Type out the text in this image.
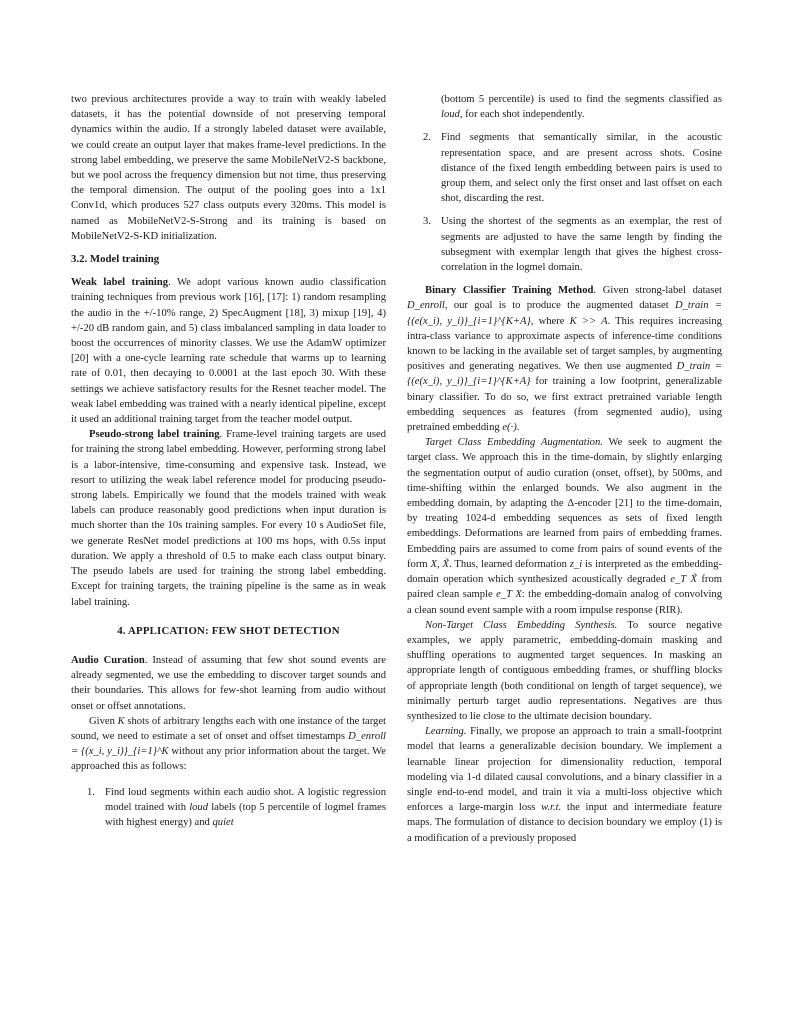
two previous architectures provide a way to train with weakly labeled datasets, it has the potential downside of not preserving temporal dynamics within the audio. If a strongly labeled dataset were available, we could create an output layer that makes frame-level predictions. In the strong label embedding, we preserve the same MobileNetV2-S backbone, but we pool across the frequency dimension but not time, thus preserving the temporal dimension. The output of the pooling goes into a 1x1 Conv1d, which produces 527 class outputs every 320ms. This model is named as MobileNetV2-S-Strong and its training is based on MobileNetV2-S-KD initialization.

3.2. Model training

Weak label training. We adopt various known audio classification training techniques from previous work [16], [17]: 1) random resampling the audio in the +/-10% range, 2) SpecAugment [18], 3) mixup [19], 4) +/-20 dB random gain, and 5) class imbalanced sampling in data loader to boost the occurrences of minority classes. We use the AdamW optimizer [20] with a one-cycle learning rate schedule that warms up to learning rate of 0.01, then decaying to 0.0001 at the last epoch 30. With these settings we achieve satisfactory results for the Resnet teacher model. The weak label embedding was trained with a nearly identical pipeline, except it used an additional training target from the teacher model output.

Pseudo-strong label training. Frame-level training targets are used for training the strong label embedding. However, performing strong label is a labor-intensive, time-consuming and expensive task. Instead, we resort to utilizing the weak label reference model for producing pseudo-strong labels. Empirically we found that the models trained with weak labels can produce reasonably good predictions when input duration is much shorter than the 10s training samples. For every 10 s AudioSet file, we generate ResNet model predictions at 100 ms hops, with 0.5s input duration. We apply a threshold of 0.5 to make each class output binary. The pseudo labels are used for training the strong label embedding. Except for training targets, the training pipeline is the same as in weak label training.

4. APPLICATION: FEW SHOT DETECTION

Audio Curation. Instead of assuming that few shot sound events are already segmented, we use the embedding to discover target sounds and their boundaries. This allows for few-shot learning from audio without onset or offset annotations.

Given K shots of arbitrary lengths each with one instance of the target sound, we need to estimate a set of onset and offset timestamps D_enroll = {(x_i, y_i)}_{i=1}^K without any prior information about the target. We approached this as follows:

1. Find loud segments within each audio shot. A logistic regression model trained with loud labels (top 5 percentile of logmel frames with highest energy) and quiet
(bottom 5 percentile) is used to find the segments classified as loud, for each shot independently.
2. Find segments that semantically similar, in the acoustic representation space, and are present across shots. Cosine distance of the fixed length embedding between pairs is used to group them, and select only the first onset and last offset on each shot, discarding the rest.
3. Using the shortest of the segments as an exemplar, the rest of segments are adjusted to have the same length by finding the subsegment with exemplar length that gives the highest cross-correlation in the logmel domain.

Binary Classifier Training Method. Given strong-label dataset D_enroll, our goal is to produce the augmented dataset D_train = {(e(x_i), y_i)}_{i=1}^{K+A}, where K >> A. This requires increasing intra-class variance to approximate aspects of inference-time conditions known to be lacking in the available set of target samples, by augmenting positives and generating negatives. We then use augmented D_train = {(e(x_i), y_i)}_{i=1}^{K+A} for training a low footprint, generalizable binary classifier. To do so, we first extract pretrained variable length embedding sequences as features (from segmented audio), using pretrained embedding e(·).

Target Class Embedding Augmentation. We seek to augment the target class. We approach this in the time-domain, by slightly enlarging the segmentation output of audio curation (onset, offset), by 500ms, and time-shifting within the enlarged bounds. We also augment in the embedding domain, by adapting the Δ-encoder [21] to the time-domain, by treating 1024-d embedding sequences as sets of fixed length embeddings. Deformations are learned from pairs of embedding frames. Embedding pairs are assumed to come from pairs of sound events of the form X, X̃. Thus, learned deformation z_i is interpreted as the embedding-domain operation which synthesized acoustically degraded e_T X̃ from paired clean sample e_T X: the embedding-domain analog of convolving a clean sound event sample with a room impulse response (RIR).

Non-Target Class Embedding Synthesis. To source negative examples, we apply parametric, embedding-domain masking and shuffling operations to augmented target sequences. In masking an appropriate length of contiguous embedding frames, or shuffling blocks of appropriate length (both conditional on length of target sequence), we minimally perturb target audio representations. Negatives are thus synthesized to lie close to the ultimate decision boundary.

Learning. Finally, we propose an approach to train a small-footprint model that learns a generalizable decision boundary. We implement a learnable linear projection for dimensionality reduction, temporal modeling via 1-d dilated causal convolutions, and a binary classifier in a single end-to-end model, and train it via a multi-loss objective which enforces a large-margin loss w.r.t. the input and intermediate feature maps. The formulation of distance to decision boundary we employ (1) is a modification of a previously proposed
